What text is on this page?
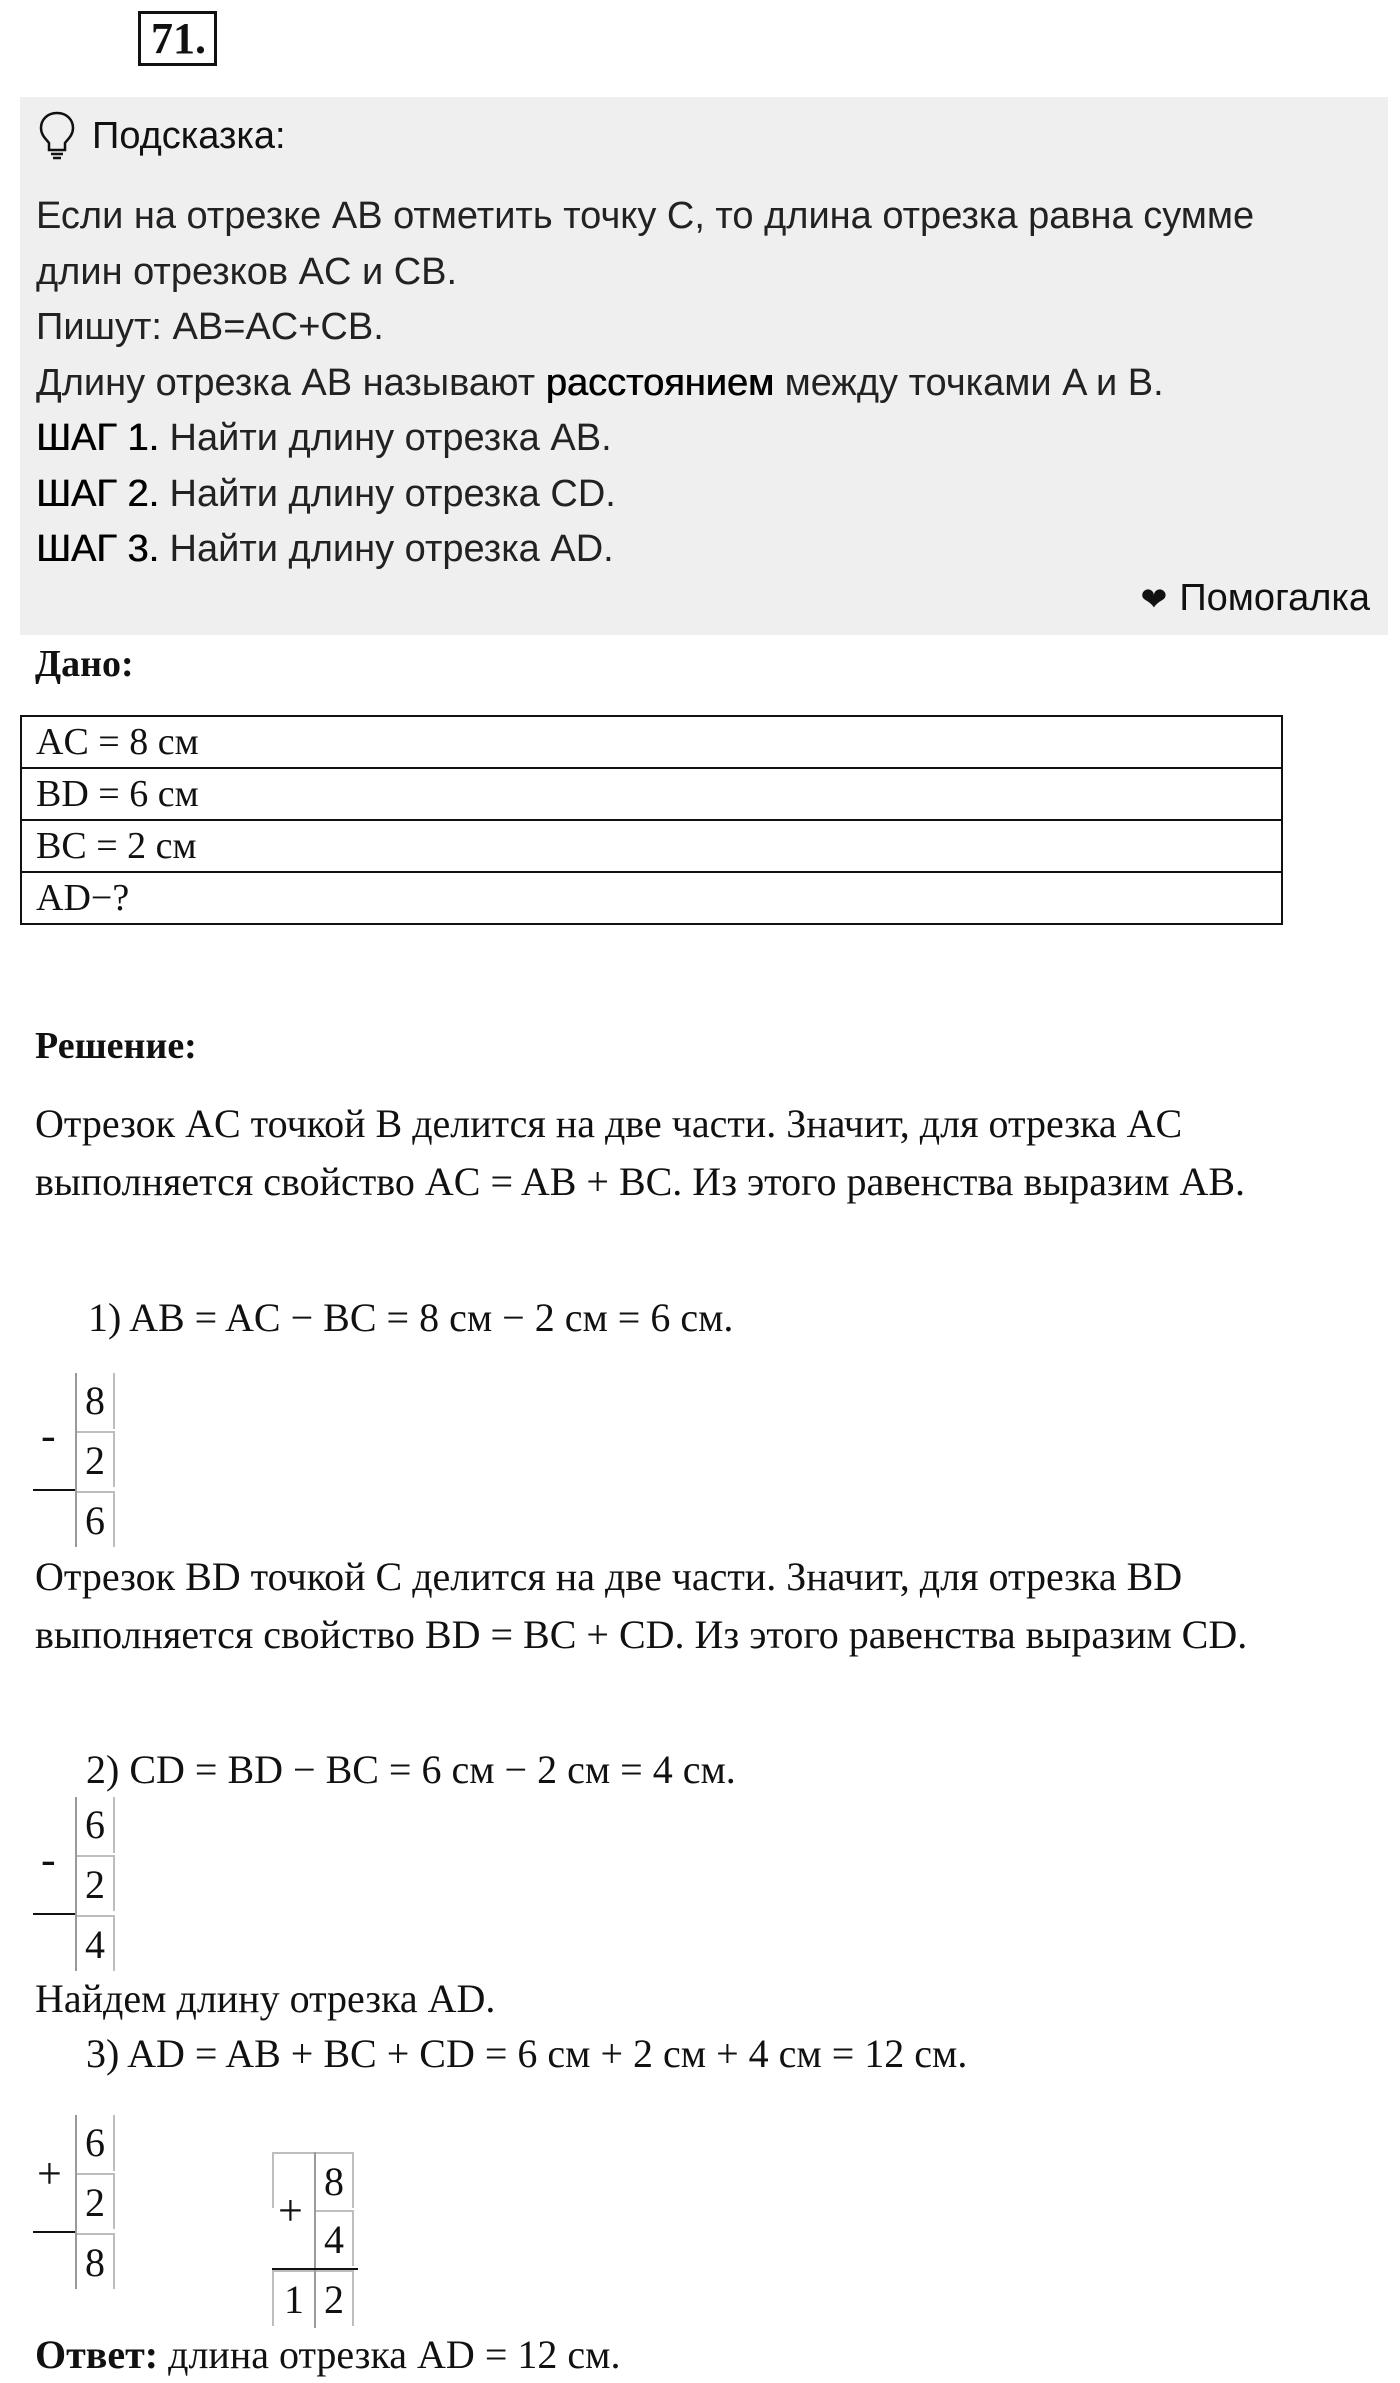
71.
Подсказка:
Если на отрезке AB отметить точку C, то длина отрезка равна сумме
длин отрезков AC и CB.
Пишут: AB=AC+CB.
Длину отрезка AB называют расстоянием между точками A и B.
ШАГ 1. Найти длину отрезка AB.
ШАГ 2. Найти длину отрезка CD.
ШАГ 3. Найти длину отрезка AD.
❤ Помогалка
Дано:
AC = 8 см
BD = 6 см
BC = 2 см
AD−?
Решение:
Отрезок AC точкой B делится на две части. Значит, для отрезка AC выполняется свойство AC = AB + BC. Из этого равенства выразим AB.
1) AB = AC − BC = 8 см − 2 см = 6 см.
-
8
2
6
Отрезок BD точкой C делится на две части. Значит, для отрезка BD выполняется свойство BD = BC + CD. Из этого равенства выразим CD.
2) CD = BD − BC = 6 см − 2 см = 4 см.
-
6
2
4
Найдем длину отрезка AD.
3) AD = AB + BC + CD = 6 см + 2 см + 4 см = 12 см.
+
6
2
8
+
8
4
1 2
Ответ: длина отрезка AD = 12 см.
